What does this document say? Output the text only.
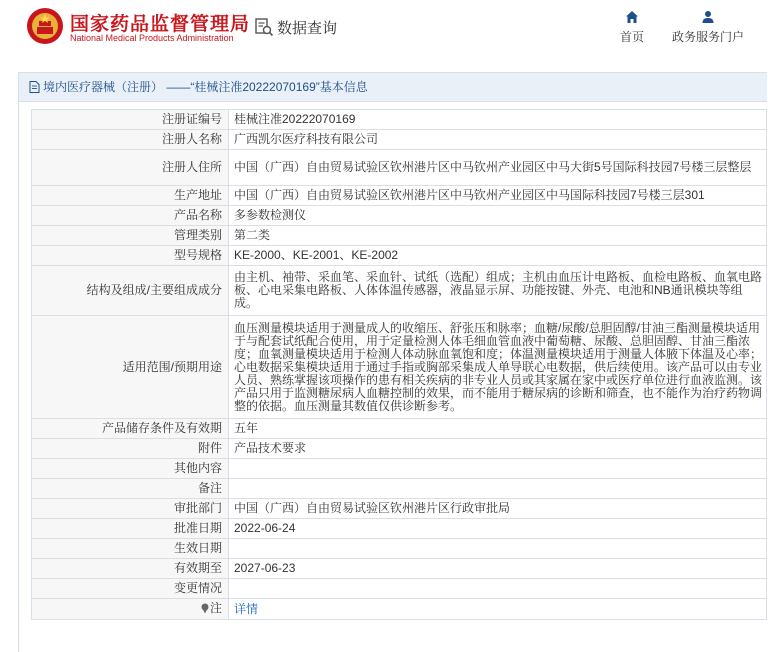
国家药品监督管理局
National Medical Products Administration
数据查询
首页	政务服务门户
境内医疗器械（注册） ——“桂械注准20222070169”基本信息
注册证编号	桂械注准20222070169
注册人名称	广西凯尔医疗科技有限公司
注册人住所	中国（广西）自由贸易试验区钦州港片区中马钦州产业园区中马大街5号国际科技园7号楼三层整层
生产地址	中国（广西）自由贸易试验区钦州港片区中马钦州产业园区中马国际科技园7号楼三层301
产品名称	多参数检测仪
管理类别	第二类
型号规格	KE-2000、KE-2001、KE-2002
结构及组成/主要组成成分	由主机、袖带、采血笔、采血针、试纸（选配）组成；主机由血压计电路板、血检电路板、血氧电路板、心电采集电路板、人体体温传感器，液晶显示屏、功能按键、外壳、电池和NB通讯模块等组成。
适用范围/预期用途	血压测量模块适用于测量成人的收缩压、舒张压和脉率；血糖/尿酸/总胆固醇/甘油三酯测量模块适用于与配套试纸配合使用，用于定量检测人体毛细血管血液中葡萄糖、尿酸、总胆固醇、甘油三酯浓度；血氧测量模块适用于检测人体动脉血氧饱和度；体温测量模块适用于测量人体腋下体温及心率；心电数据采集模块适用于通过手指或胸部采集成人单导联心电数据，供后续使用。该产品可以由专业人员、熟练掌握该项操作的患有相关疾病的非专业人员或其家属在家中或医疗单位进行血液监测。该产品只用于监测糖尿病人血糖控制的效果，而不能用于糖尿病的诊断和筛查，也不能作为治疗药物调整的依据。血压测量其数值仅供诊断参考。
产品储存条件及有效期	五年
附件	产品技术要求
其他内容	
备注	
审批部门	中国（广西）自由贸易试验区钦州港片区行政审批局
批准日期	2022-06-24
生效日期	
有效期至	2027-06-23
变更情况	

注	详情
